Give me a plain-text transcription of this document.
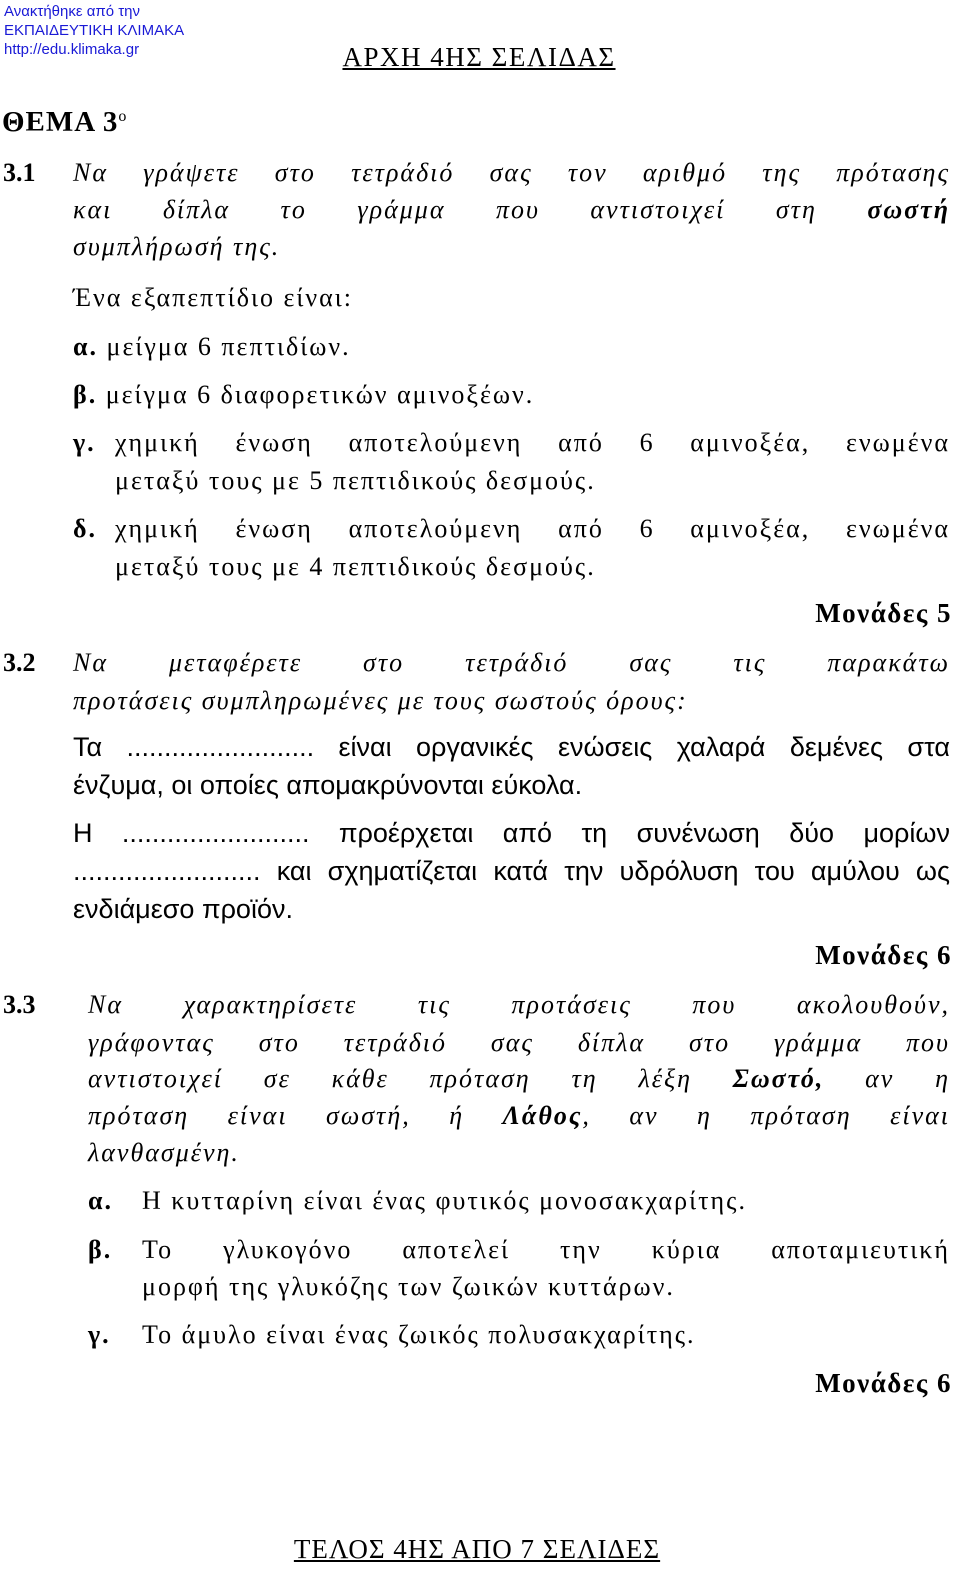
Ανακτήθηκε από την
ΕΚΠΑΙΔΕΥΤΙΚΗ ΚΛΙΜΑΚΑ
http://edu.klimaka.gr	ΑΡΧΗ 4ΗΣ ΣΕΛΙΔΑΣ
ΘΕΜΑ $3^o$
3.1 Να γράψετε στο τετράδιό σας τον αριθμό της πρότασης
και δίπλα το γράμμα που αντιστοιχεί στη σωστή
συμπλήρωσή της.
Ένα εξαπεπτίδιο είναι:
α. μείγμα 6 πεπτιδίων.
β. μείγμα 6 διαφορετικών αμινοξέων.
γ. χημική ένωση αποτελούμενη από 6 αμινοξέα, ενωμένα
μεταξύ τους με 5 πεπτιδικούς δεσμούς.
δ. χημική ένωση αποτελούμενη από 6 αμινοξέα, ενωμένα
μεταξύ τους με 4 πεπτιδικούς δεσμούς.
Μονάδες 5
3.2 Να μεταφέρετε στο τετράδιό σας τις παρακάτω
προτάσεις συμπληρωμένες με τους σωστούς όρους:
Τα ......................... είναι οργανικές ενώσεις χαλαρά δεμένες στα
ένζυμα, οι οποίες απομακρύνονται εύκολα.
Η ......................... προέρχεται από τη συνένωση δύο μορίων
......................... και σχηματίζεται κατά την υδρόλυση του αμύλου ως
ενδιάμεσο προϊόν.
Μονάδες 6
3.3 Να χαρακτηρίσετε τις προτάσεις που ακολουθούν,
γράφοντας στο τετράδιό σας δίπλα στο γράμμα που
αντιστοιχεί σε κάθε πρόταση τη λέξη Σωστό, αν η
πρόταση είναι σωστή, ή Λάθος, αν η πρόταση είναι
λανθασμένη.
α. Η κυτταρίνη είναι ένας φυτικός μονοσακχαρίτης.
β. Το γλυκογόνο αποτελεί την κύρια αποταμιευτική
μορφή της γλυκόζης των ζωικών κυττάρων.
γ. Το άμυλο είναι ένας ζωικός πολυσακχαρίτης.
Μονάδες 6
ΤΕΛΟΣ 4ΗΣ ΑΠΟ 7 ΣΕΛΙΔΕΣ
